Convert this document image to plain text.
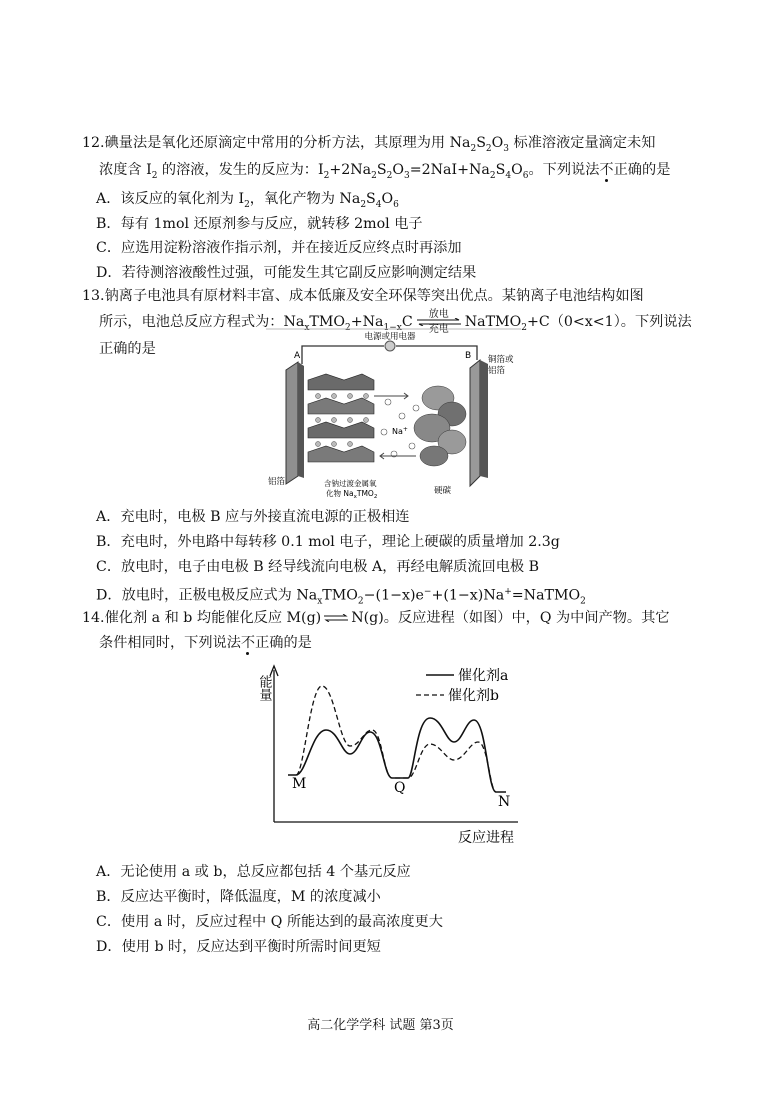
12.碘量法是氧化还原滴定中常用的分析方法，其原理为用 $Na_2S_2O_3$ 标准溶液定量滴定未知
浓度含 $I_2$ 的溶液，发生的反应为：$I_2+2Na_2S_2O_3=2NaI+Na_2S_4O_6$。下列说法不正确的是
A．该反应的氧化剂为 $I_2$，氧化产物为 $Na_2S_4O_6$
B．每有 1mol 还原剂参与反应，就转移 2mol 电子
C．应选用淀粉溶液作指示剂，并在接近反应终点时再添加
D．若待测溶液酸性过强，可能发生其它副反应影响测定结果
13.钠离子电池具有原材料丰富、成本低廉及安全环保等突出优点。某钠离子电池结构如图
所示，电池总反应方程式为：$Na_xTMO_2+Na_{1-x}C$	放电
充电	NaTMO$_2$+C（0<x<1）。下列说法
正确的是
电源或用电器
A	B 铜箔或
铝箔
Na+
硬碳
铝箔	含钠过渡金属氧
化物 $Na_xTMO_2$
A．充电时，电极 B 应与外接直流电源的正极相连
B．充电时，外电路中每转移 0.1 mol 电子，理论上硬碳的质量增加 2.3g
C．放电时，电子由电极 B 经导线流向电极 A，再经电解质流回电极 B
D．放电时，正极电极反应式为 $Na_xTMO_2-(1-x)e^-+(1-x)Na^+=NaTMO_2$
14.催化剂 a 和 b 均能催化反应 M(g) ⇌ N(g)。反应进程（如图）中，Q 为中间产物。其它
条件相同时，下列说法不正确的是
能量
反应进程
催化剂a
催化剂b
M	Q
N
A．无论使用 a 或 b，总反应都包括 4 个基元反应
B．反应达平衡时，降低温度，M 的浓度减小
C．使用 a 时，反应过程中 Q 所能达到的最高浓度更大
D．使用 b 时，反应达到平衡时所需时间更短
高二化学学科 试题 第3页
